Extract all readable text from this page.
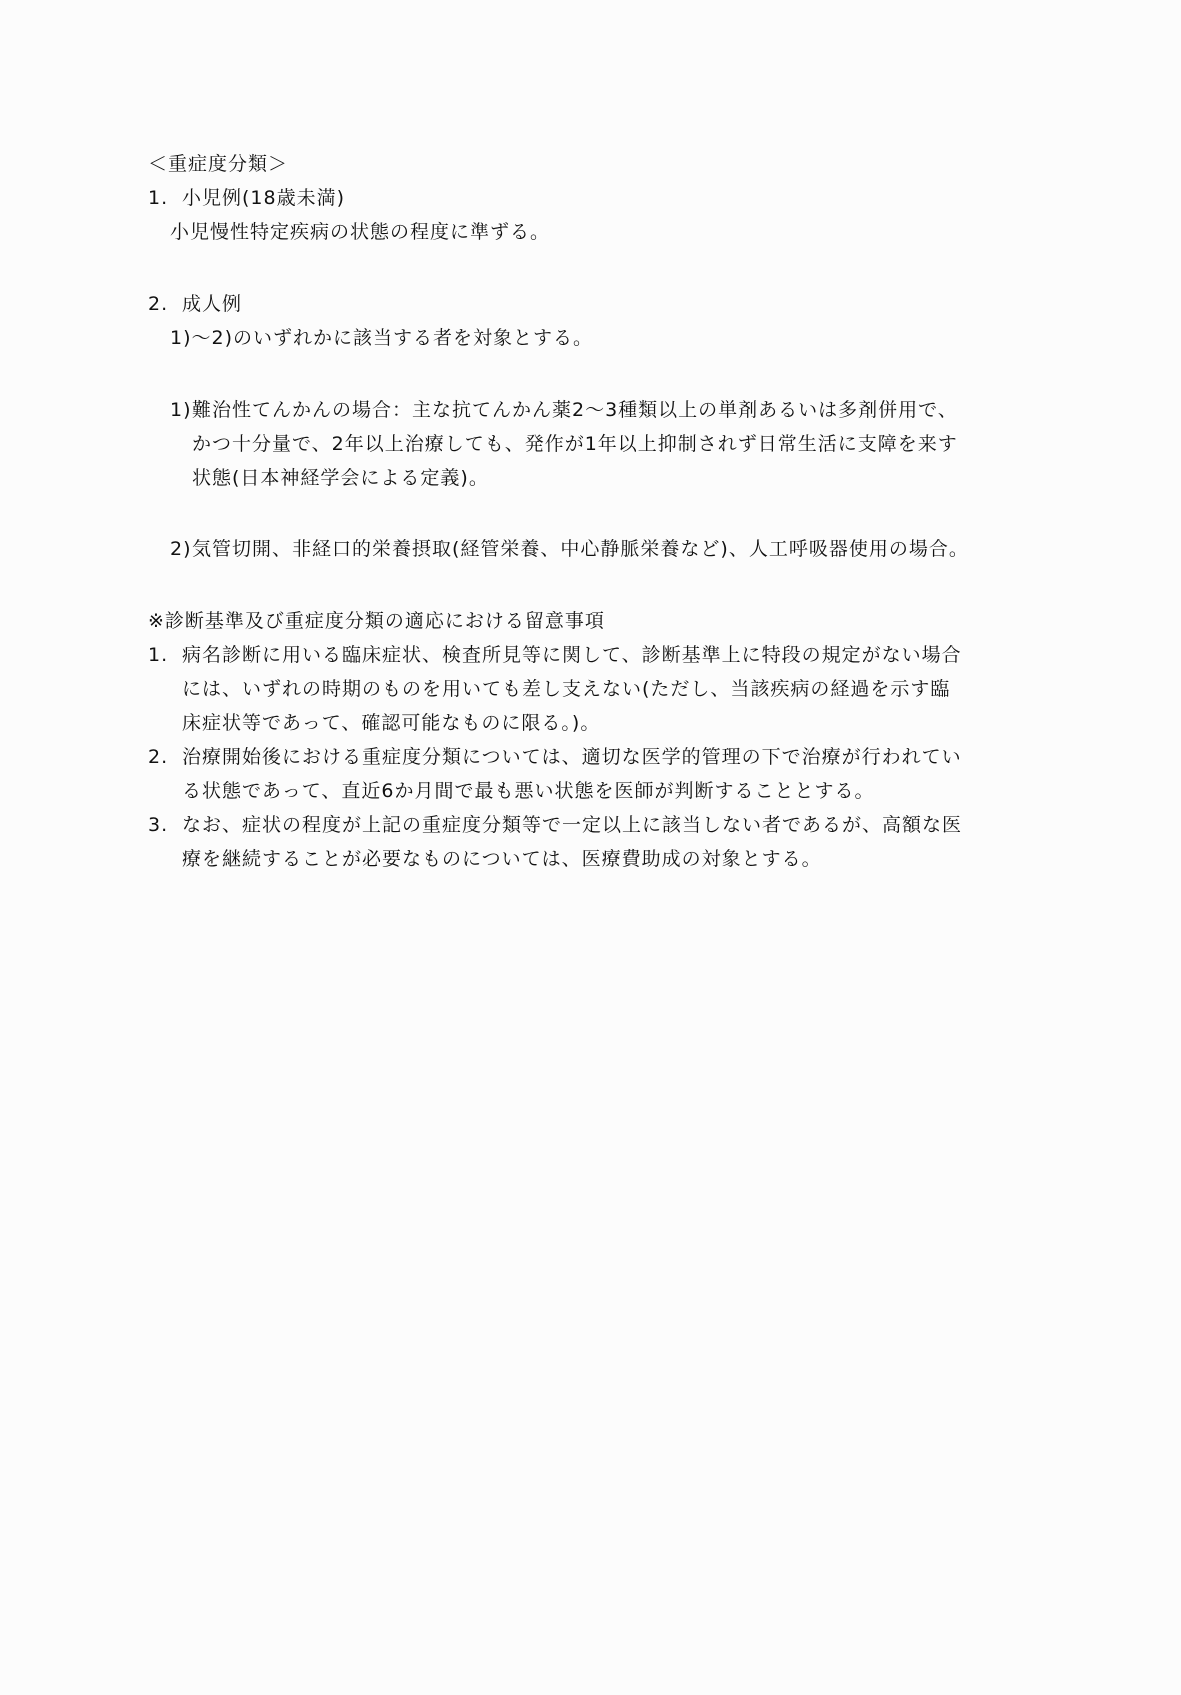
＜重症度分類＞
1. 小児例(18歳未満)
小児慢性特定疾病の状態の程度に準ずる。
2. 成人例
1)〜2)のいずれかに該当する者を対象とする。
1) 難治性てんかんの場合：主な抗てんかん薬2〜3種類以上の単剤あるいは多剤併用で、
かつ十分量で、2年以上治療しても、発作が1年以上抑制されず日常生活に支障を来す
状態(日本神経学会による定義)。
2) 気管切開、非経口的栄養摂取(経管栄養、中心静脈栄養など)、人工呼吸器使用の場合。
※診断基準及び重症度分類の適応における留意事項
1. 病名診断に用いる臨床症状、検査所見等に関して、診断基準上に特段の規定がない場合
には、いずれの時期のものを用いても差し支えない(ただし、当該疾病の経過を示す臨
床症状等であって、確認可能なものに限る。)。
2. 治療開始後における重症度分類については、適切な医学的管理の下で治療が行われてい
る状態であって、直近6か月間で最も悪い状態を医師が判断することとする。
3. なお、症状の程度が上記の重症度分類等で一定以上に該当しない者であるが、高額な医
療を継続することが必要なものについては、医療費助成の対象とする。
